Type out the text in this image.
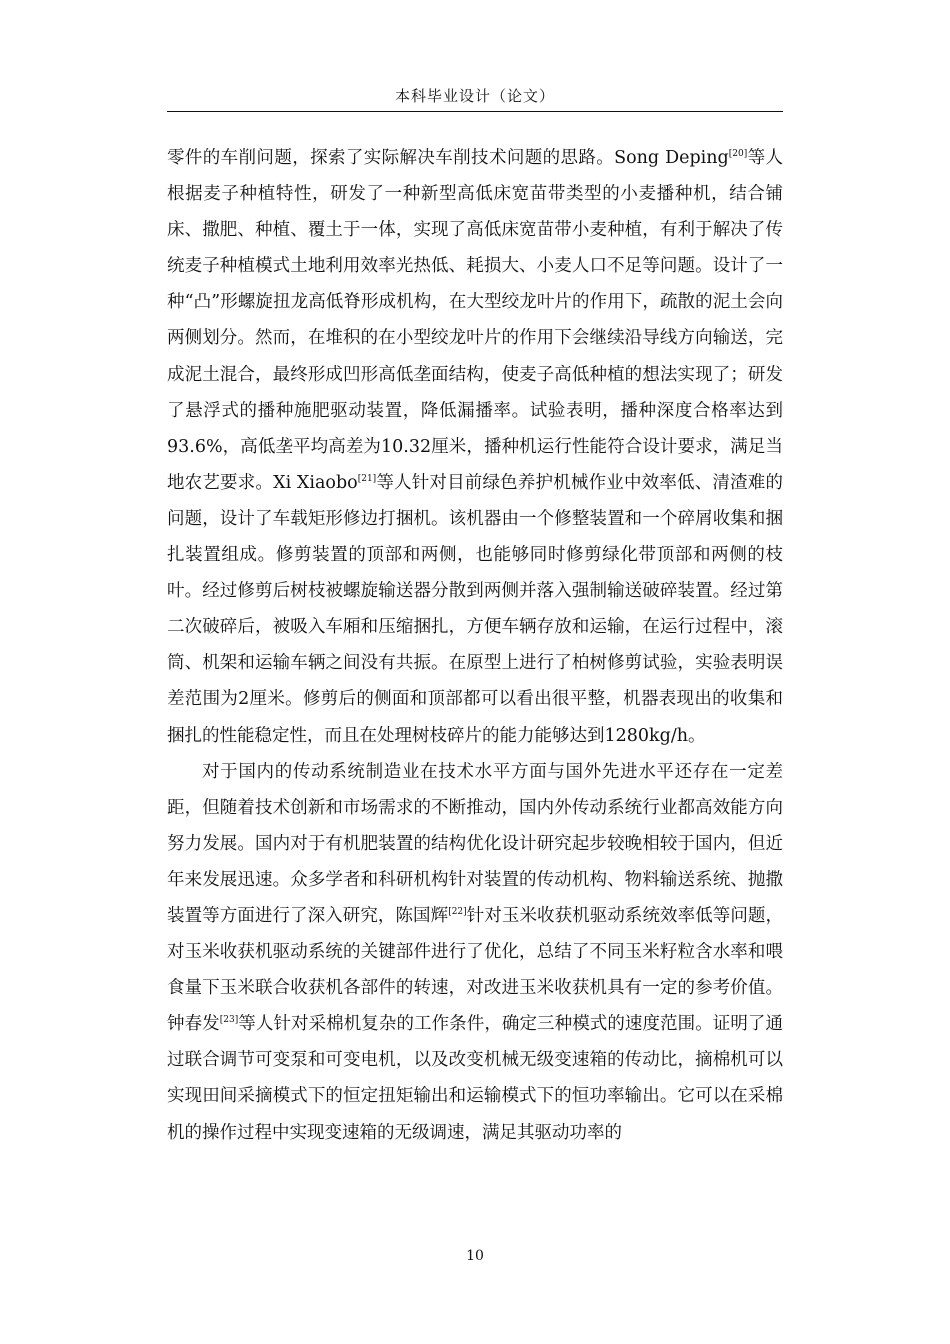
本科毕业设计（论文）

零件的车削问题，探索了实际解决车削技术问题的思路。Song Deping[20]等人根据麦子种植特性，研发了一种新型高低床宽苗带类型的小麦播种机，结合铺床、撒肥、种植、覆土于一体，实现了高低床宽苗带小麦种植，有利于解决了传统麦子种植模式土地利用效率光热低、耗损大、小麦人口不足等问题。设计了一种“凸”形螺旋扭龙高低脊形成机构，在大型绞龙叶片的作用下，疏散的泥土会向两侧划分。然而，在堆积的在小型绞龙叶片的作用下会继续沿导线方向输送，完成泥土混合，最终形成凹形高低垄面结构，使麦子高低种植的想法实现了；研发了悬浮式的播种施肥驱动装置，降低漏播率。试验表明，播种深度合格率达到93.6%，高低垄平均高差为10.32厘米，播种机运行性能符合设计要求，满足当地农艺要求。Xi Xiaobo[21]等人针对目前绿色养护机械作业中效率低、清渣难的问题，设计了车载矩形修边打捆机。该机器由一个修整装置和一个碎屑收集和捆扎装置组成。修剪装置的顶部和两侧，也能够同时修剪绿化带顶部和两侧的枝叶。经过修剪后树枝被螺旋输送器分散到两侧并落入强制输送破碎装置。经过第二次破碎后，被吸入车厢和压缩捆扎，方便车辆存放和运输，在运行过程中，滚筒、机架和运输车辆之间没有共振。在原型上进行了柏树修剪试验，实验表明误差范围为2厘米。修剪后的侧面和顶部都可以看出很平整，机器表现出的收集和捆扎的性能稳定性，而且在处理树枝碎片的能力能够达到1280kg/h。

对于国内的传动系统制造业在技术水平方面与国外先进水平还存在一定差距，但随着技术创新和市场需求的不断推动，国内外传动系统行业都高效能方向努力发展。国内对于有机肥装置的结构优化设计研究起步较晚相较于国内，但近年来发展迅速。众多学者和科研机构针对装置的传动机构、物料输送系统、抛撒装置等方面进行了深入研究，陈国辉[22]针对玉米收获机驱动系统效率低等问题，对玉米收获机驱动系统的关键部件进行了优化，总结了不同玉米籽粒含水率和喂食量下玉米联合收获机各部件的转速，对改进玉米收获机具有一定的参考价值。钟春发[23]等人针对采棉机复杂的工作条件，确定三种模式的速度范围。证明了通过联合调节可变泵和可变电机，以及改变机械无级变速箱的传动比，摘棉机可以实现田间采摘模式下的恒定扭矩输出和运输模式下的恒功率输出。它可以在采棉机的操作过程中实现变速箱的无级调速，满足其驱动功率的

10
